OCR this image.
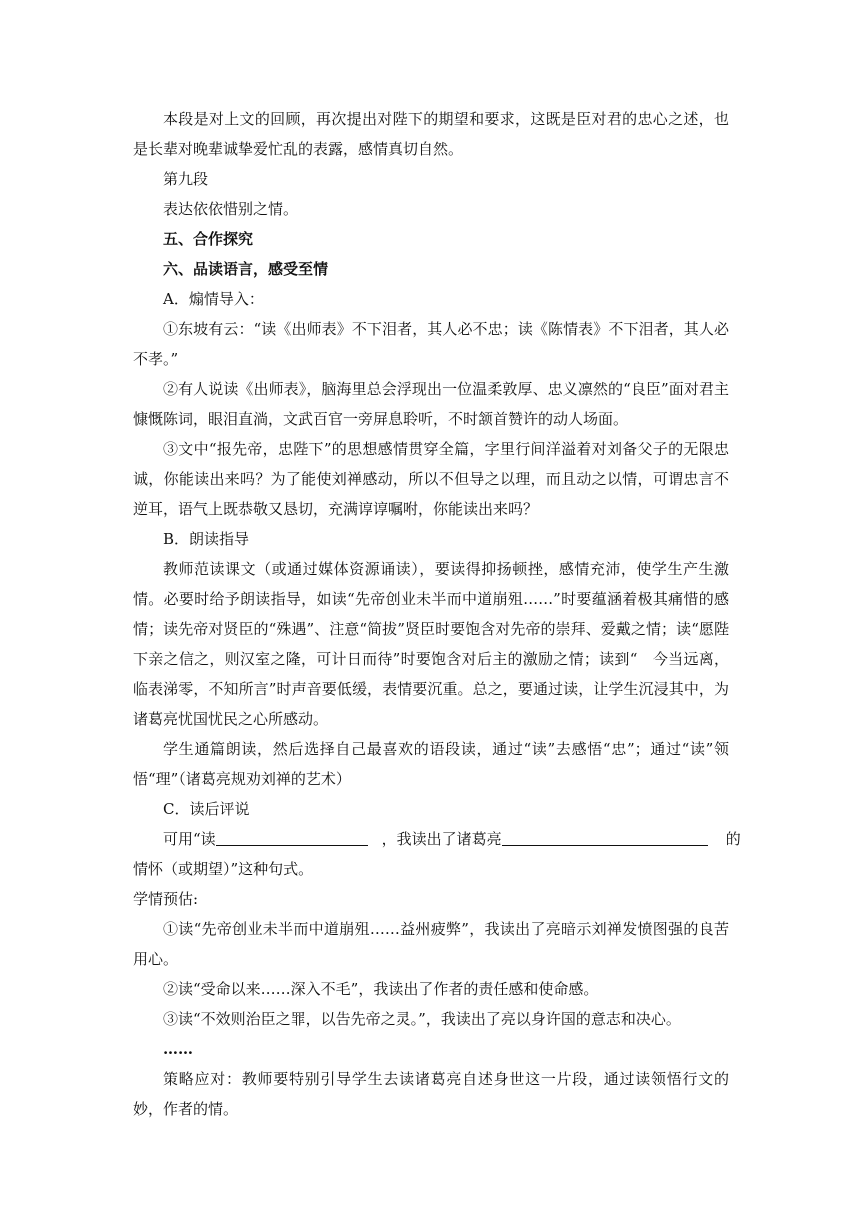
本段是对上文的回顾，再次提出对陛下的期望和要求，这既是臣对君的忠心之述，也是长辈对晚辈诚挚爱忙乱的表露，感情真切自然。

第九段

表达依依惜别之情。

五、合作探究

六、品读语言，感受至情

A．煽情导入：

①东坡有云：“读《出师表》不下泪者，其人必不忠；读《陈情表》不下泪者，其人必不孝。”

②有人说读《出师表》，脑海里总会浮现出一位温柔敦厚、忠义凛然的“良臣”面对君主慷慨陈词，眼泪直淌，文武百官一旁屏息聆听，不时颔首赞许的动人场面。

③文中“报先帝，忠陛下”的思想感情贯穿全篇，字里行间洋溢着对刘备父子的无限忠诚，你能读出来吗？为了能使刘禅感动，所以不但导之以理，而且动之以情，可谓忠言不逆耳，语气上既恭敬又恳切，充满谆谆嘱咐，你能读出来吗？

B．朗读指导

教师范读课文（或通过媒体资源诵读），要读得抑扬顿挫，感情充沛，使学生产生激情。必要时给予朗读指导，如读“先帝创业未半而中道崩殂……”时要蕴涵着极其痛惜的感情；读先帝对贤臣的“殊遇”、注意“简拔”贤臣时要饱含对先帝的崇拜、爱戴之情；读“愿陛下亲之信之，则汉室之隆，可计日而待”时要饱含对后主的激励之情；读到“　今当远离，临表涕零，不知所言”时声音要低缓，表情要沉重。总之，要通过读，让学生沉浸其中，为诸葛亮忧国忧民之心所感动。

学生通篇朗读，然后选择自己最喜欢的语段读，通过“读”去感悟“忠”；通过“读”领悟“理”（诸葛亮规劝刘禅的艺术）

C．读后评说

可用“读	，我读出了诸葛亮	的

情怀（或期望）”这种句式。

学情预估:

①读“先帝创业未半而中道崩殂……益州疲弊”，我读出了亮暗示刘禅发愤图强的良苦用心。

②读“受命以来……深入不毛”，我读出了作者的责任感和使命感。

③读“不效则治臣之罪，以告先帝之灵。”，我读出了亮以身许国的意志和决心。

……

策略应对：教师要特别引导学生去读诸葛亮自述身世这一片段，通过读领悟行文的妙，作者的情。
